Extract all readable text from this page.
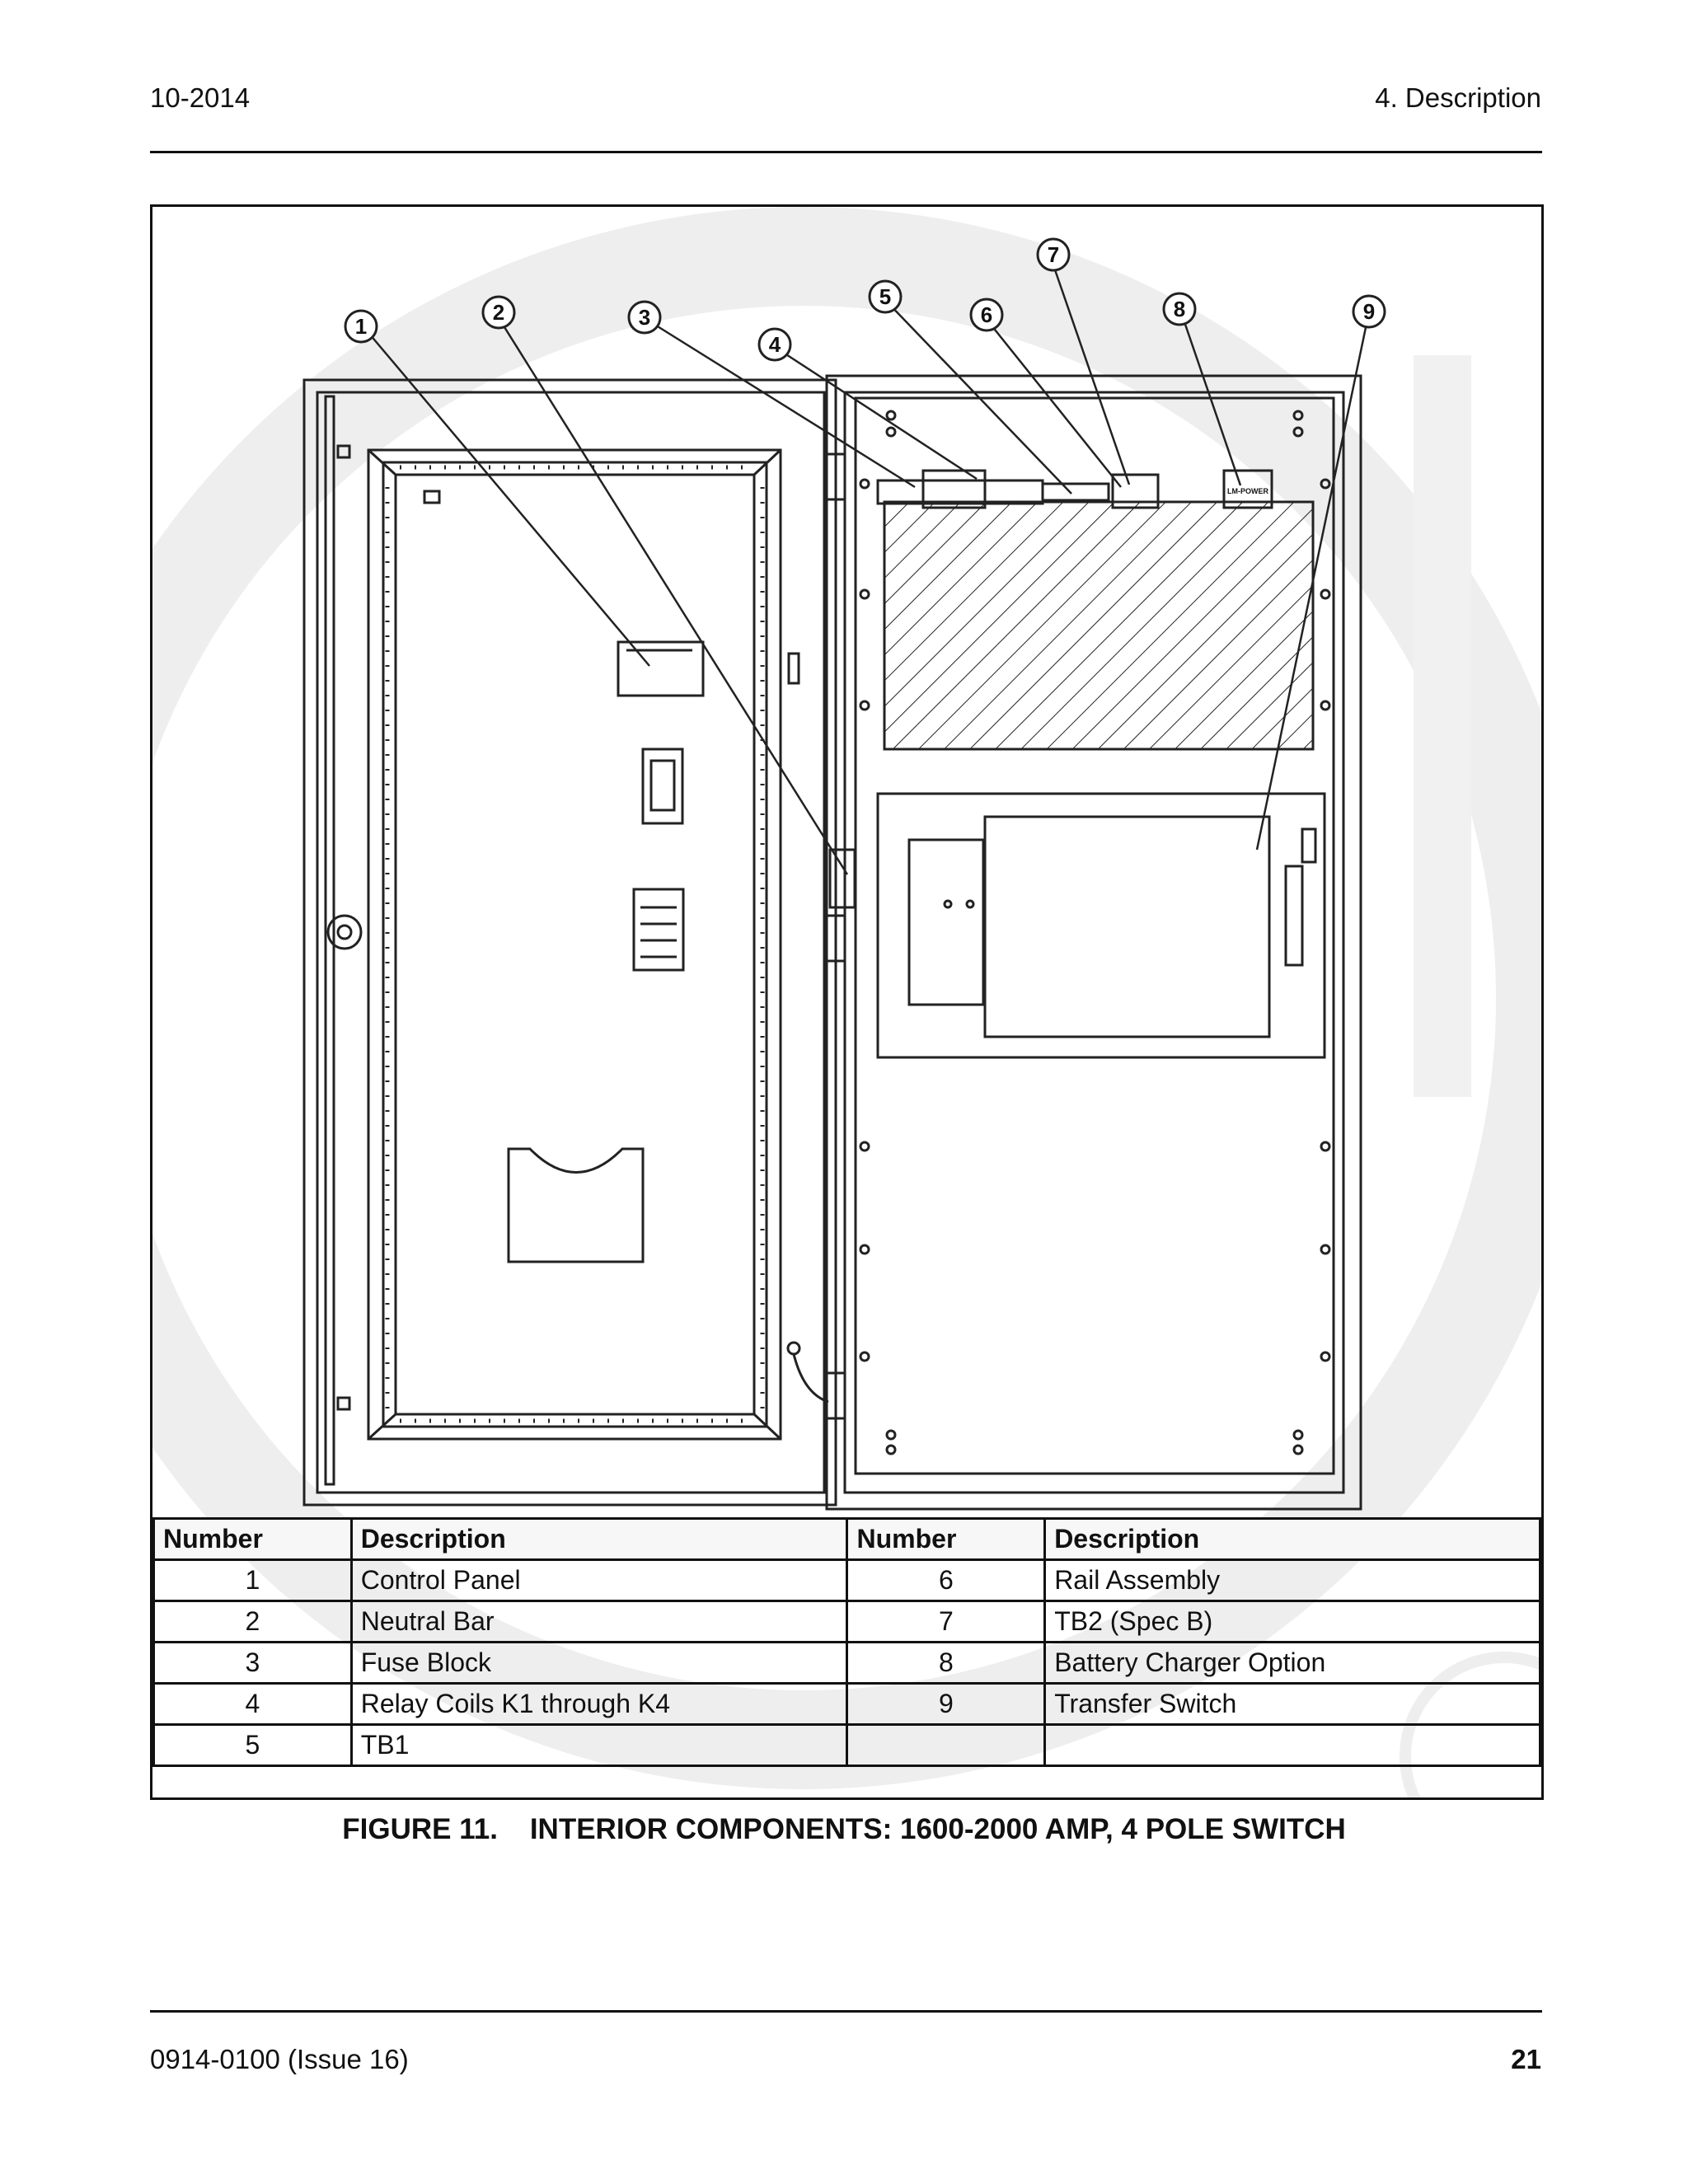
10-2014	4. Description
1
2	3
4
5
6
7
8	9
LM-POWER
Number	Description	Number	Description
1	Control Panel	6	Rail Assembly
2	Neutral Bar	7	TB2 (Spec B)
3	Fuse Block	8	Battery Charger Option
4	Relay Coils K1 through K4	9	Transfer Switch
5	TB1		
FIGURE 11.    INTERIOR COMPONENTS: 1600-2000 AMP, 4 POLE SWITCH
0914-0100 (Issue 16)	21
